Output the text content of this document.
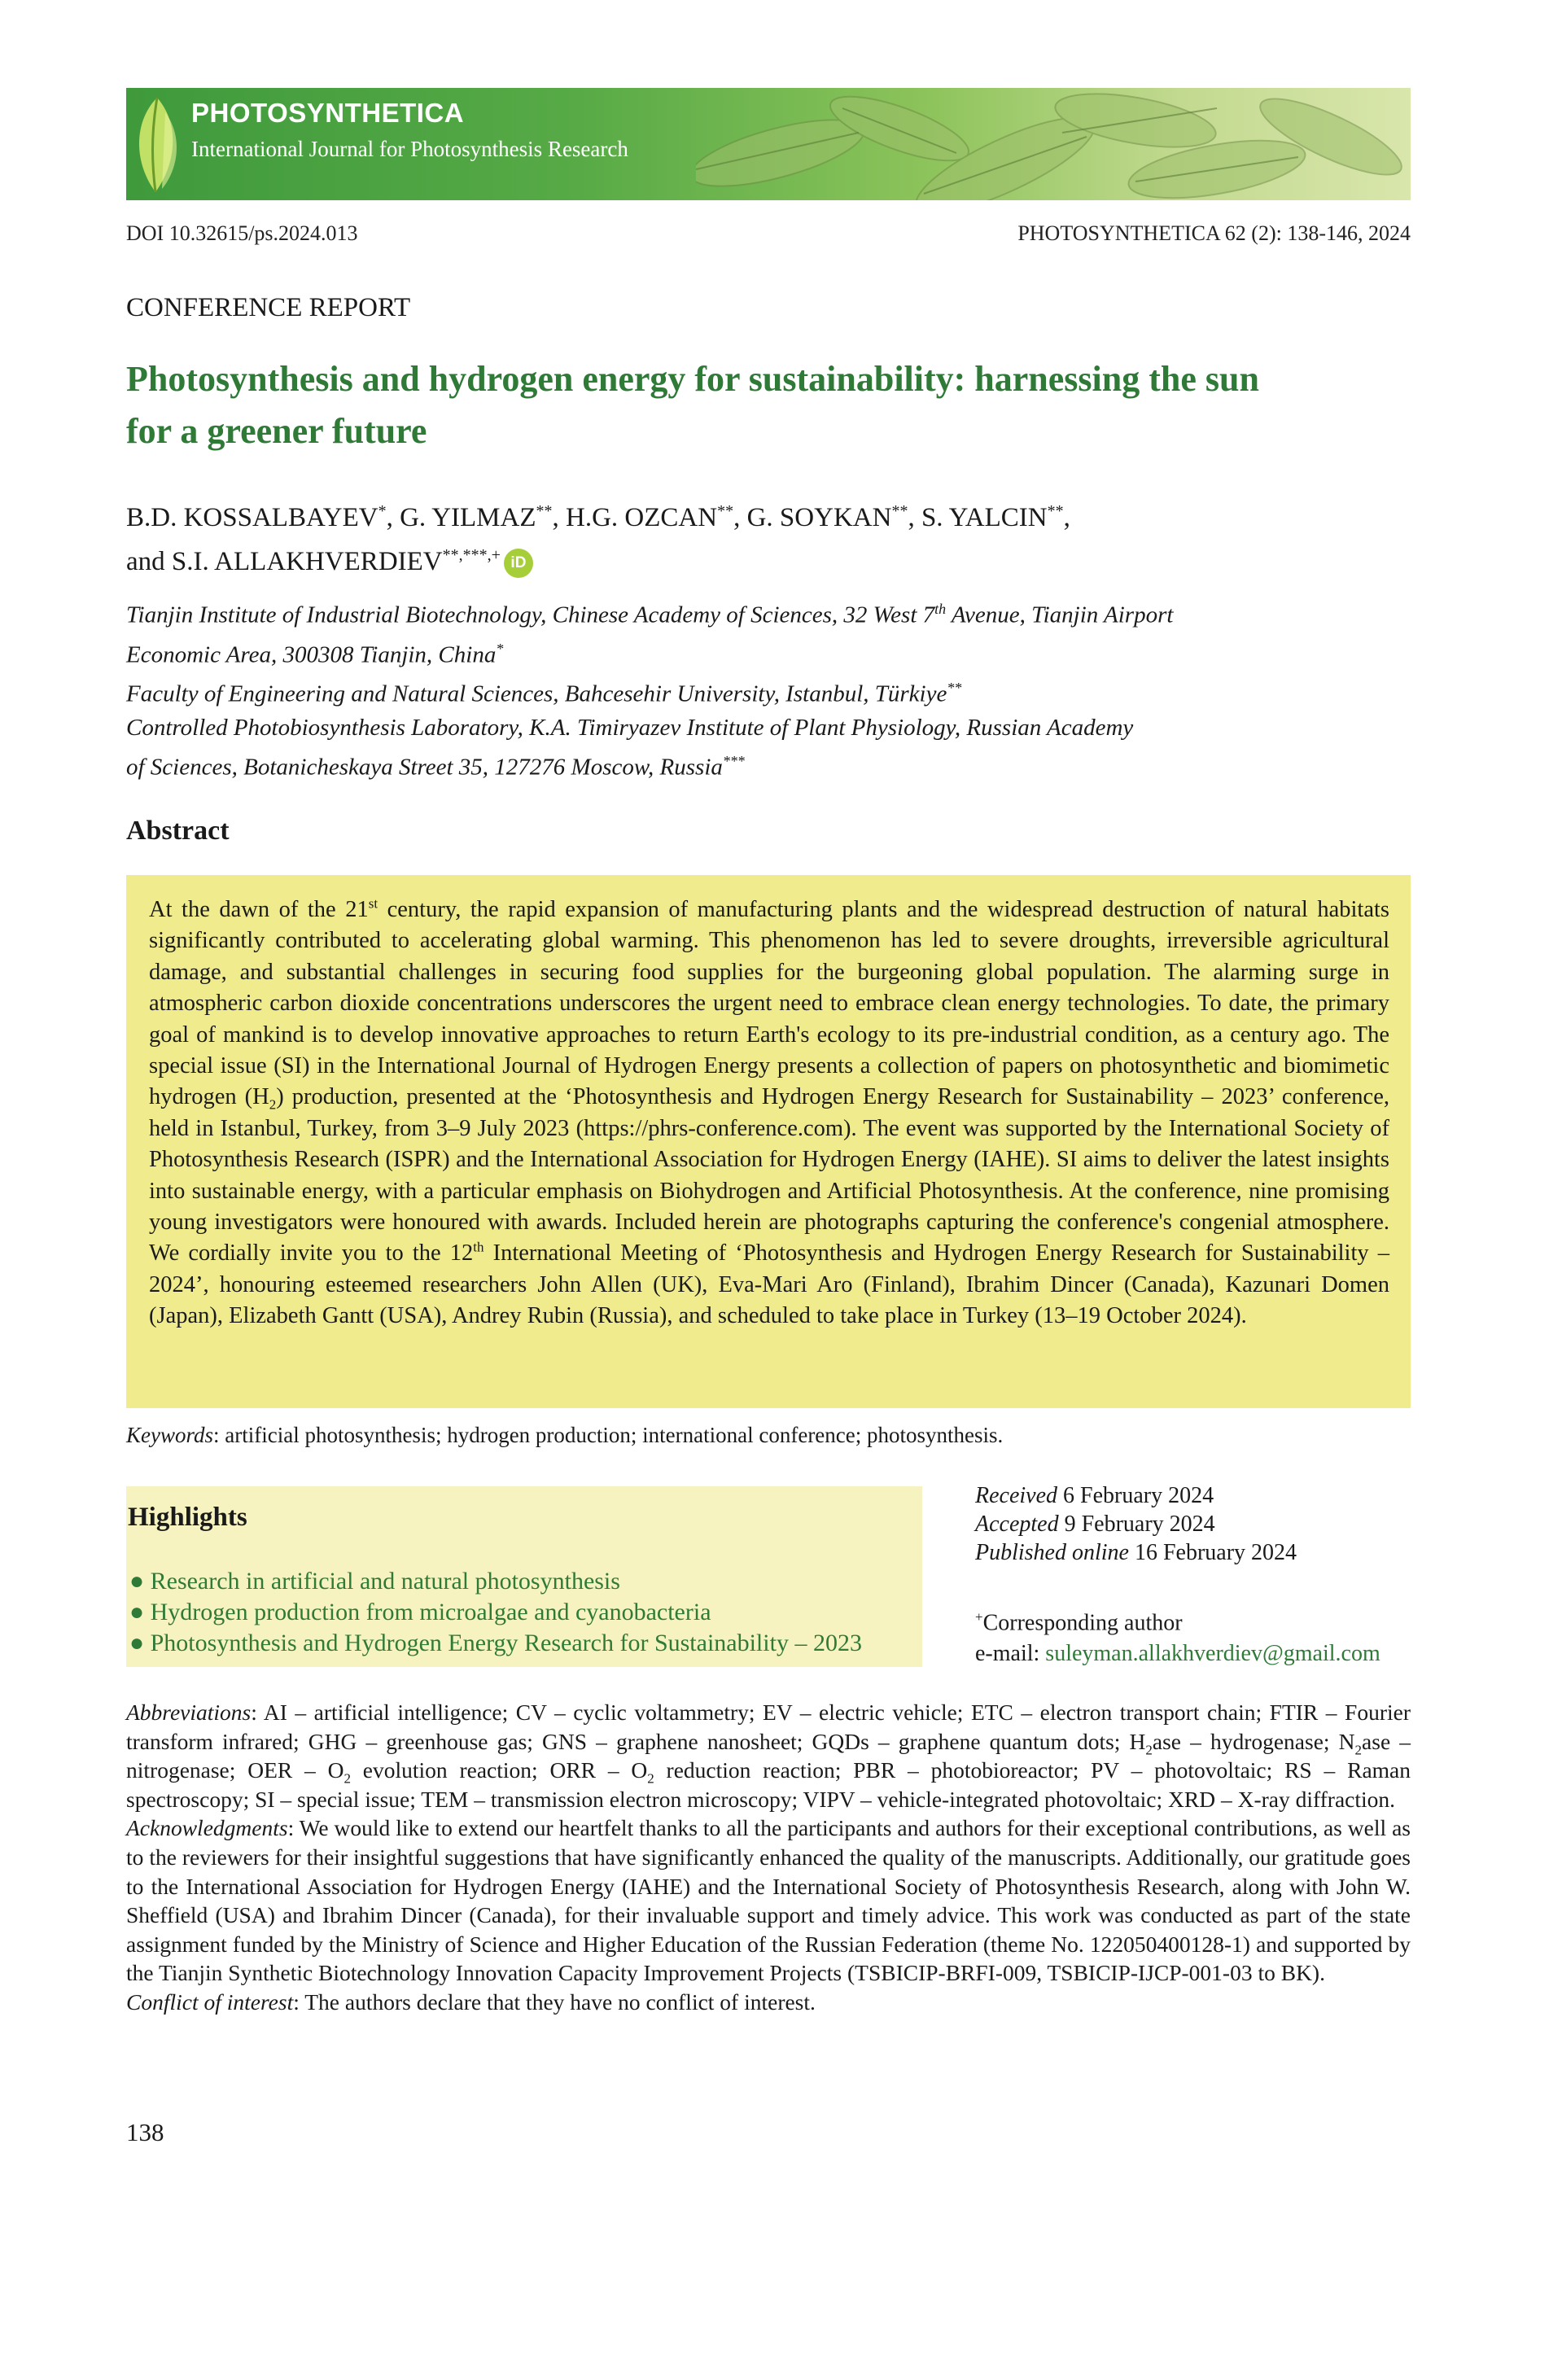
PHOTOSYNTHETICA
International Journal for Photosynthesis Research
DOI 10.32615/ps.2024.013	PHOTOSYNTHETICA 62 (2): 138-146, 2024
CONFERENCE REPORT
Photosynthesis and hydrogen energy for sustainability: harnessing the sun
for a greener future
B.D. KOSSALBAYEV*, G. YILMAZ**, H.G. OZCAN**, G. SOYKAN**, S. YALCIN**,
and S.I. ALLAKHVERDIEV**,***,+ iD
Tianjin Institute of Industrial Biotechnology, Chinese Academy of Sciences, 32 West 7th Avenue, Tianjin Airport
Economic Area, 300308 Tianjin, China*
Faculty of Engineering and Natural Sciences, Bahcesehir University, Istanbul, Türkiye**
Controlled Photobiosynthesis Laboratory, K.A. Timiryazev Institute of Plant Physiology, Russian Academy
of Sciences, Botanicheskaya Street 35, 127276 Moscow, Russia***
Abstract
At the dawn of the 21st century, the rapid expansion of manufacturing plants and the widespread destruction of natural habitats significantly contributed to accelerating global warming. This phenomenon has led to severe droughts, irreversible agricultural damage, and substantial challenges in securing food supplies for the burgeoning global population. The alarming surge in atmospheric carbon dioxide concentrations underscores the urgent need to embrace clean energy technologies. To date, the primary goal of mankind is to develop innovative approaches to return Earth's ecology to its pre-industrial condition, as a century ago. The special issue (SI) in the International Journal of Hydrogen Energy presents a collection of papers on photosynthetic and biomimetic hydrogen $(H_2)$ production, presented at the ‘Photosynthesis and Hydrogen Energy Research for Sustainability – 2023’ conference, held in Istanbul, Turkey, from 3–9 July 2023 (https://phrs-conference.com). The event was supported by the International Society of Photosynthesis Research (ISPR) and the International Association for Hydrogen Energy (IAHE). SI aims to deliver the latest insights into sustainable energy, with a particular emphasis on Biohydrogen and Artificial Photosynthesis. At the conference, nine promising young investigators were honoured with awards. Included herein are photographs capturing the conference's congenial atmosphere. We cordially invite you to the 12th International Meeting of ‘Photosynthesis and Hydrogen Energy Research for Sustainability – 2024’, honouring esteemed researchers John Allen (UK), Eva-Mari Aro (Finland), Ibrahim Dincer (Canada), Kazunari Domen (Japan), Elizabeth Gantt (USA), Andrey Rubin (Russia), and scheduled to take place in Turkey (13–19 October 2024).
Keywords: artificial photosynthesis; hydrogen production; international conference; photosynthesis.
Highlights
● Research in artificial and natural photosynthesis
● Hydrogen production from microalgae and cyanobacteria
● Photosynthesis and Hydrogen Energy Research for Sustainability – 2023
Received 6 February 2024
Accepted 9 February 2024
Published online 16 February 2024
+Corresponding author
e-mail: suleyman.allakhverdiev@gmail.com

Abbreviations: AI – artificial intelligence; CV – cyclic voltammetry; EV – electric vehicle; ETC – electron transport chain; FTIR – Fourier transform infrared; GHG – greenhouse gas; GNS – graphene nanosheet; GQDs – graphene quantum dots; $H_2ase$ – hydrogenase; $N_2ase$ – nitrogenase; OER – $O_2$ evolution reaction; ORR – $O_2$ reduction reaction; PBR – photobioreactor; PV – photovoltaic; RS – Raman spectroscopy; SI – special issue; TEM – transmission electron microscopy; VIPV – vehicle-integrated photovoltaic; XRD – X-ray diffraction.

Acknowledgments: We would like to extend our heartfelt thanks to all the participants and authors for their exceptional contributions, as well as to the reviewers for their insightful suggestions that have significantly enhanced the quality of the manuscripts. Additionally, our gratitude goes to the International Association for Hydrogen Energy (IAHE) and the International Society of Photosynthesis Research, along with John W. Sheffield (USA) and Ibrahim Dincer (Canada), for their invaluable support and timely advice. This work was conducted as part of the state assignment funded by the Ministry of Science and Higher Education of the Russian Federation (theme No. 122050400128-1) and supported by the Tianjin Synthetic Biotechnology Innovation Capacity Improvement Projects (TSBICIP-BRFI-009, TSBICIP-IJCP-001-03 to BK).

Conflict of interest: The authors declare that they have no conflict of interest.

138
